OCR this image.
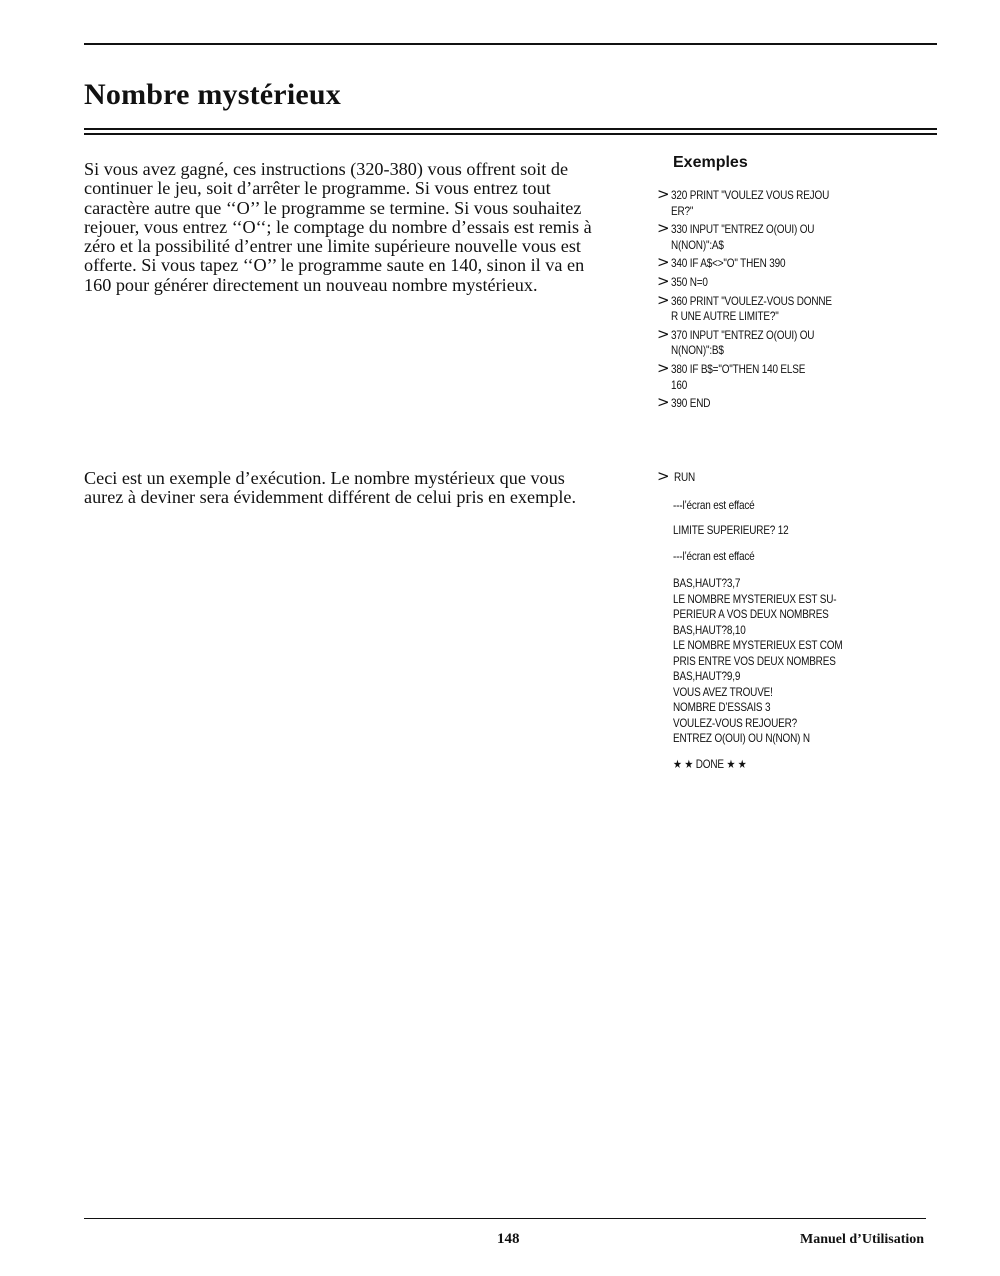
Nombre mystérieux
Si vous avez gagné, ces instructions (320-380) vous offrent soit de
continuer le jeu, soit d’arrêter le programme. Si vous entrez tout
caractère autre que ‘‘O’’ le programme se termine. Si vous souhaitez
rejouer, vous entrez ‘‘O‘‘; le comptage du nombre d’essais est remis à
zéro et la possibilité d’entrer une limite supérieure nouvelle vous est
offerte. Si vous tapez ‘‘O’’ le programme saute en 140, sinon il va en
160 pour générer directement un nouveau nombre mystérieux.
Exemples
> 320 PRINT "VOULEZ VOUS REJOU
ER?"
> 330 INPUT "ENTREZ O(OUI) OU
N(NON)":A$
> 340 IF A$<>"O" THEN 390
> 350 N=0
> 360 PRINT "VOULEZ-VOUS DONNE
R UNE AUTRE LIMITE?"
> 370 INPUT "ENTREZ O(OUI) OU
N(NON)":B$
> 380 IF B$="O"THEN 140 ELSE
160
> 390 END
Ceci est un exemple d’exécution. Le nombre mystérieux que vous
aurez à deviner sera évidemment différent de celui pris en exemple.
> RUN
---l’écran est effacé
LIMITE SUPERIEURE? 12
---l’écran est effacé
BAS,HAUT?3,7
LE NOMBRE MYSTERIEUX EST SU-
PERIEUR A VOS DEUX NOMBRES
BAS,HAUT?8,10
LE NOMBRE MYSTERIEUX EST COM
PRIS ENTRE VOS DEUX NOMBRES
BAS,HAUT?9,9
VOUS AVEZ TROUVE!
NOMBRE D’ESSAIS 3
VOULEZ-VOUS REJOUER?
ENTREZ O(OUI) OU N(NON) N
★ ★ DONE ★ ★
148	Manuel d’Utilisation
